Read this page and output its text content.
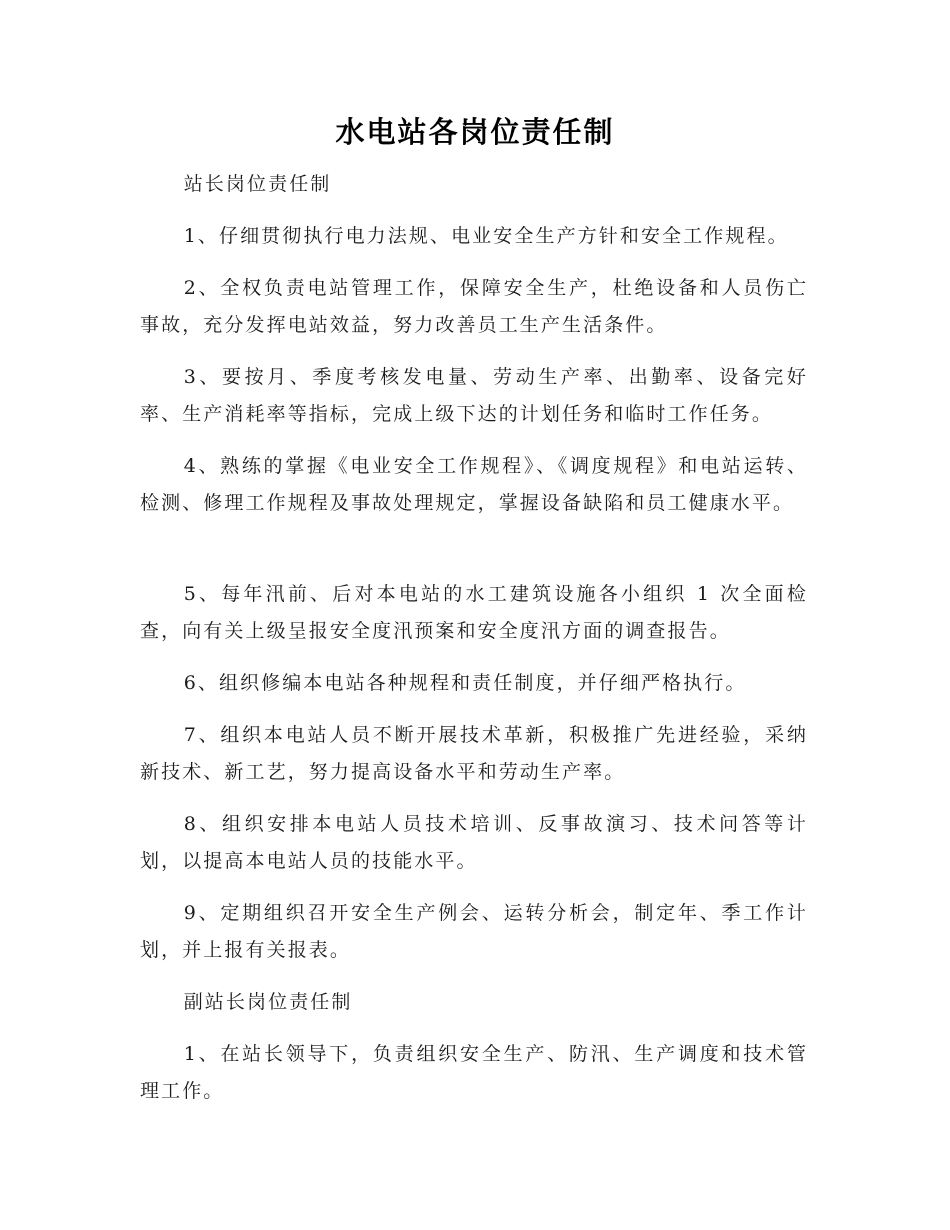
水电站各岗位责任制
站长岗位责任制
1、仔细贯彻执行电力法规、电业安全生产方针和安全工作规程。
2、全权负责电站管理工作，保障安全生产，杜绝设备和人员伤亡事故，充分发挥电站效益，努力改善员工生产生活条件。
3、要按月、季度考核发电量、劳动生产率、出勤率、设备完好率、生产消耗率等指标，完成上级下达的计划任务和临时工作任务。
4、熟练的掌握《电业安全工作规程》、《调度规程》和电站运转、检测、修理工作规程及事故处理规定，掌握设备缺陷和员工健康水平。
5、每年汛前、后对本电站的水工建筑设施各小组织 1 次全面检查，向有关上级呈报安全度汛预案和安全度汛方面的调查报告。
6、组织修编本电站各种规程和责任制度，并仔细严格执行。
7、组织本电站人员不断开展技术革新，积极推广先进经验，采纳新技术、新工艺，努力提高设备水平和劳动生产率。
8、组织安排本电站人员技术培训、反事故演习、技术问答等计划，以提高本电站人员的技能水平。
9、定期组织召开安全生产例会、运转分析会，制定年、季工作计划，并上报有关报表。
副站长岗位责任制
1、在站长领导下，负责组织安全生产、防汛、生产调度和技术管理工作。
